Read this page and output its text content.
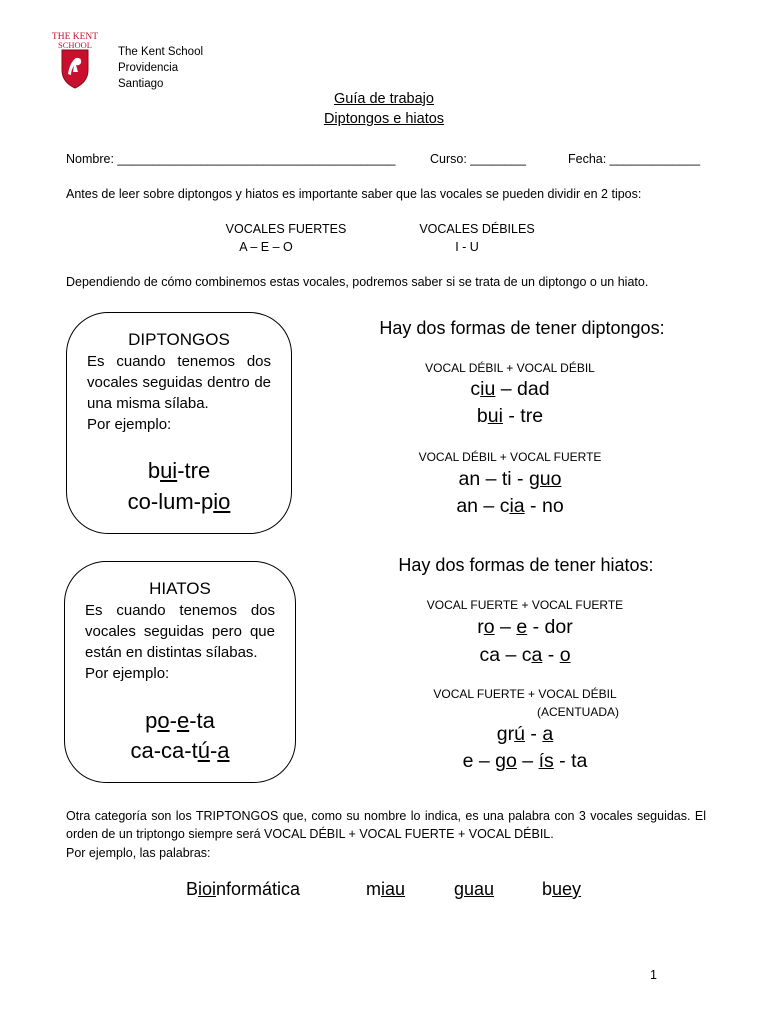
THE KENT
SCHOOL
The Kent School
Providencia
Santiago
Guía de trabajo
Diptongos e hiatos
Nombre: ________________________________________	Curso: ________	Fecha: _____________
Antes de leer sobre diptongos y hiatos es importante saber que las vocales se pueden dividir en 2 tipos:
VOCALES FUERTES
A – E – O
VOCALES DÉBILES
I - U
Dependiendo de cómo combinemos estas vocales, podremos saber si se trata de un diptongo o un hiato.
DIPTONGOS
Es cuando tenemos dos vocales seguidas dentro de una misma sílaba.
Por ejemplo:
bui-tre
co-lum-pio
HIATOS
Es cuando tenemos dos vocales seguidas pero que están en distintas sílabas.
Por ejemplo:
po-e-ta
ca-ca-tú-a
Hay dos formas de tener diptongos:
VOCAL DÉBIL + VOCAL DÉBIL
ciu – dad
bui - tre
VOCAL DÉBIL + VOCAL FUERTE
an – ti - guo
an – cia - no
Hay dos formas de tener hiatos:
VOCAL FUERTE + VOCAL FUERTE
ro – e - dor
ca – ca - o
VOCAL FUERTE + VOCAL DÉBIL
(ACENTUADA)
grú - a
e – go – ís - ta
Otra categoría son los TRIPTONGOS que, como su nombre lo indica, es una palabra con 3 vocales seguidas. El orden de un triptongo siempre será VOCAL DÉBIL + VOCAL FUERTE + VOCAL DÉBIL.
Por ejemplo, las palabras:
Bioinformática	miau	guau	buey
1
